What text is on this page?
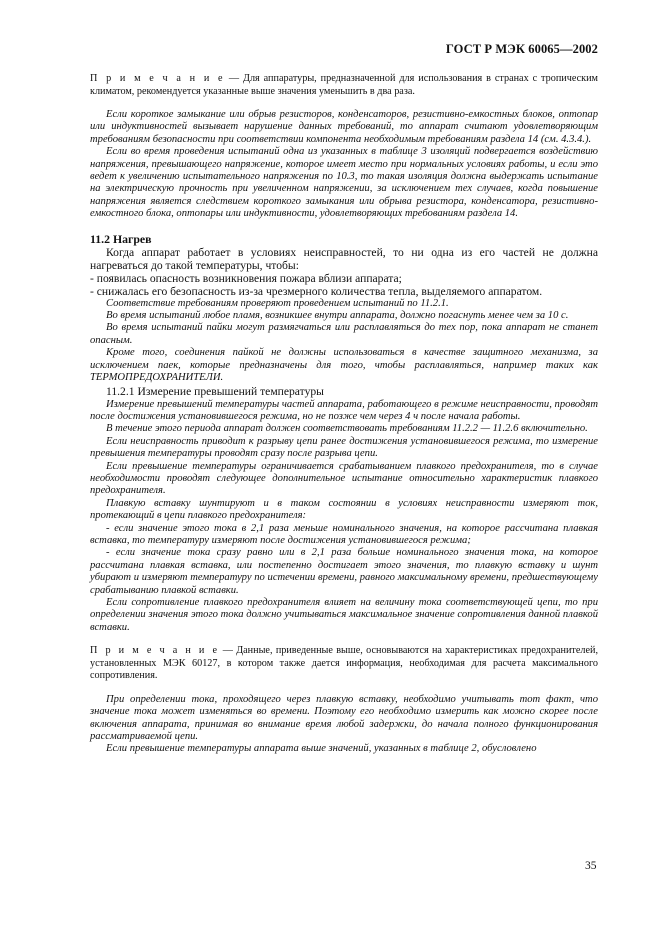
ГОСТ Р МЭК 60065—2002

П р и м е ч а н и е — Для аппаратуры, предназначенной для использования в странах с тропическим климатом, рекомендуется указанные выше значения уменьшить в два раза.

Если короткое замыкание или обрыв резисторов, конденсаторов, резистивно-емкостных блоков, оптопар или индуктивностей вызывает нарушение данных требований, то аппарат считают удовлетворяющим требованиям безопасности при соответствии компонента необходимым требованиям раздела 14 (см. 4.3.4.).

Если во время проведения испытаний одна из указанных в таблице 3 изоляций подвергается воздействию напряжения, превышающего напряжение, которое имеет место при нормальных условиях работы, и если это ведет к увеличению испытательного напряжения по 10.3, то такая изоляция должна выдержать испытание на электрическую прочность при увеличенном напряжении, за исключением тех случаев, когда повышение напряжения является следствием короткого замыкания или обрыва резистора, конденсатора, резистивно-емкостного блока, оптопары или индуктивности, удовлетворяющих требованиям раздела 14.

11.2 Нагрев

Когда аппарат работает в условиях неисправностей, то ни одна из его частей не должна нагреваться до такой температуры, чтобы:

- появилась опасность возникновения пожара вблизи аппарата;

- снижалась его безопасность из-за чрезмерного количества тепла, выделяемого аппаратом.

Соответствие требованиям проверяют проведением испытаний по 11.2.1.

Во время испытаний любое пламя, возникшее внутри аппарата, должно погаснуть менее чем за 10 с.

Во время испытаний пайки могут размягчаться или расплавляться до тех пор, пока аппарат не станет опасным.

Кроме того, соединения пайкой не должны использоваться в качестве защитного механизма, за исключением паек, которые предназначены для того, чтобы расплавляться, например таких как ТЕРМОПРЕДОХРАНИТЕЛИ.

11.2.1 Измерение превышений температуры

Измерение превышений температуры частей аппарата, работающего в режиме неисправности, проводят после достижения установившегося режима, но не позже чем через 4 ч после начала работы.

В течение этого периода аппарат должен соответствовать требованиям 11.2.2 — 11.2.6 включительно.

Если неисправность приводит к разрыву цепи ранее достижения установившегося режима, то измерение превышения температуры проводят сразу после разрыва цепи.

Если превышение температуры ограничивается срабатыванием плавкого предохранителя, то в случае необходимости проводят следующее дополнительное испытание относительно характеристик плавкого предохранителя.

Плавкую вставку шунтируют и в таком состоянии в условиях неисправности измеряют ток, протекающий в цепи плавкого предохранителя:

- если значение этого тока в 2,1 раза меньше номинального значения, на которое рассчитана плавкая вставка, то температуру измеряют после достижения установившегося режима;

- если значение тока сразу равно или в 2,1 раза больше номинального значения тока, на которое рассчитана плавкая вставка, или постепенно достигает этого значения, то плавкую вставку и шунт убирают и измеряют температуру по истечении времени, равного максимальному времени, предшествующему срабатыванию плавкой вставки.

Если сопротивление плавкого предохранителя влияет на величину тока соответствующей цепи, то при определении значения этого тока должно учитываться максимальное значение сопротивления данной плавкой вставки.

П р и м е ч а н и е — Данные, приведенные выше, основываются на характеристиках предохранителей, установленных МЭК 60127, в котором также дается информация, необходимая для расчета максимального сопротивления.

При определении тока, проходящего через плавкую вставку, необходимо учитывать тот факт, что значение тока может изменяться во времени. Поэтому его необходимо измерить как можно скорее после включения аппарата, принимая во внимание время любой задержки, до начала полного функционирования рассматриваемой цепи.

Если превышение температуры аппарата выше значений, указанных в таблице 2, обусловлено

35
